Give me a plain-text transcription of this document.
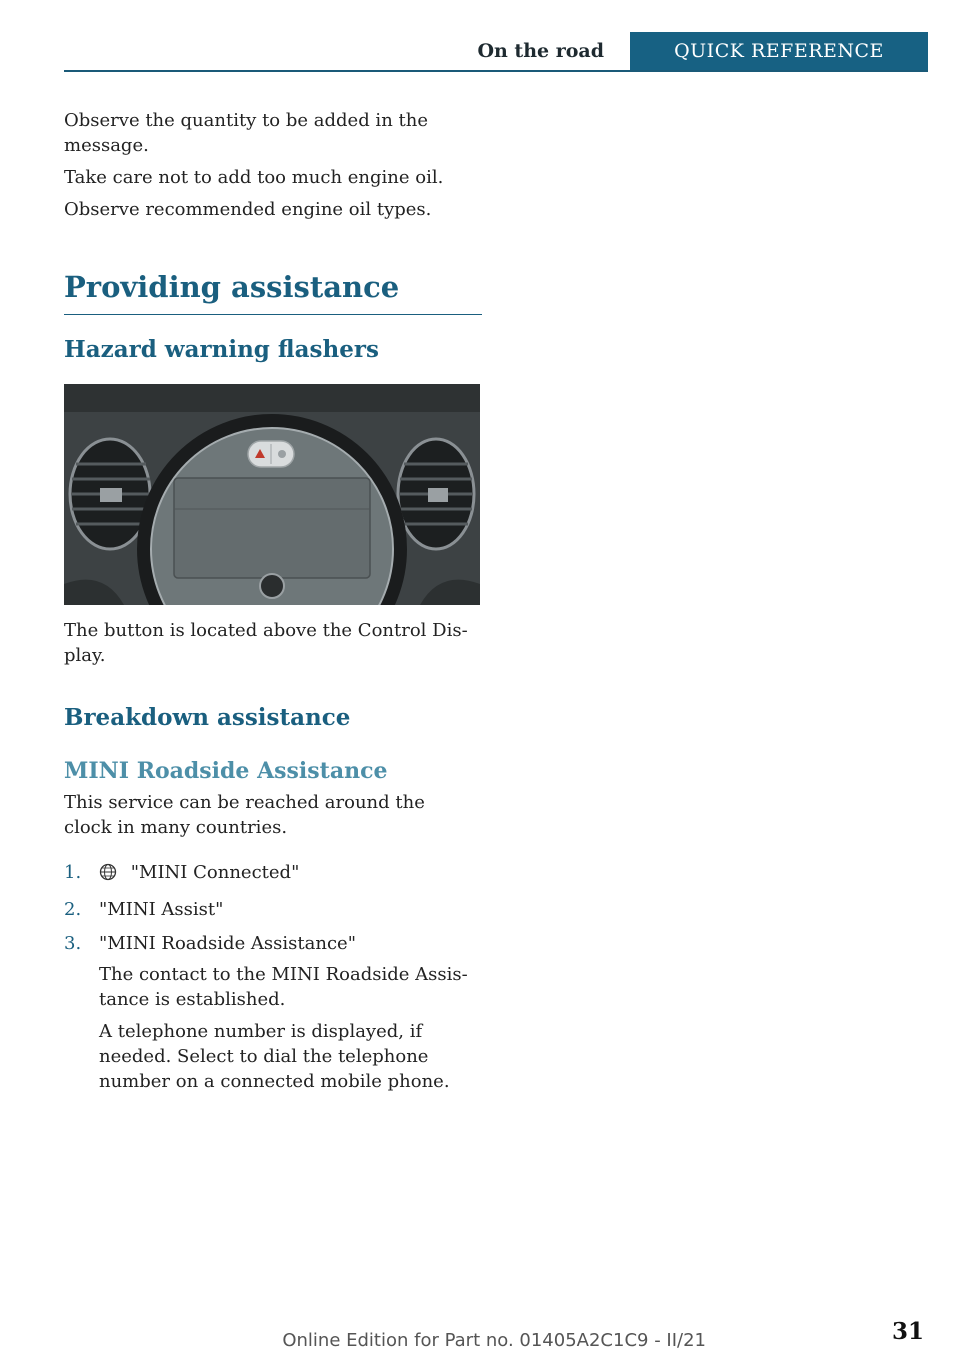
On the road	QUICK REFERENCE

Observe the quantity to be added in the message.

Take care not to add too much engine oil.

Observe recommended engine oil types.

Providing assistance
Hazard warning flashers

The button is located above the Control Dis-play.

Breakdown assistance
MINI Roadside Assistance

This service can be reached around the clock in many countries.

1.	"MINI Connected"
2. "MINI Assist"
3. "MINI Roadside Assistance"

The contact to the MINI Roadside Assis-tance is established.

A telephone number is displayed, if needed. Select to dial the telephone number on a connected mobile phone.

Online Edition for Part no. 01405A2C1C9 - II/21	31
